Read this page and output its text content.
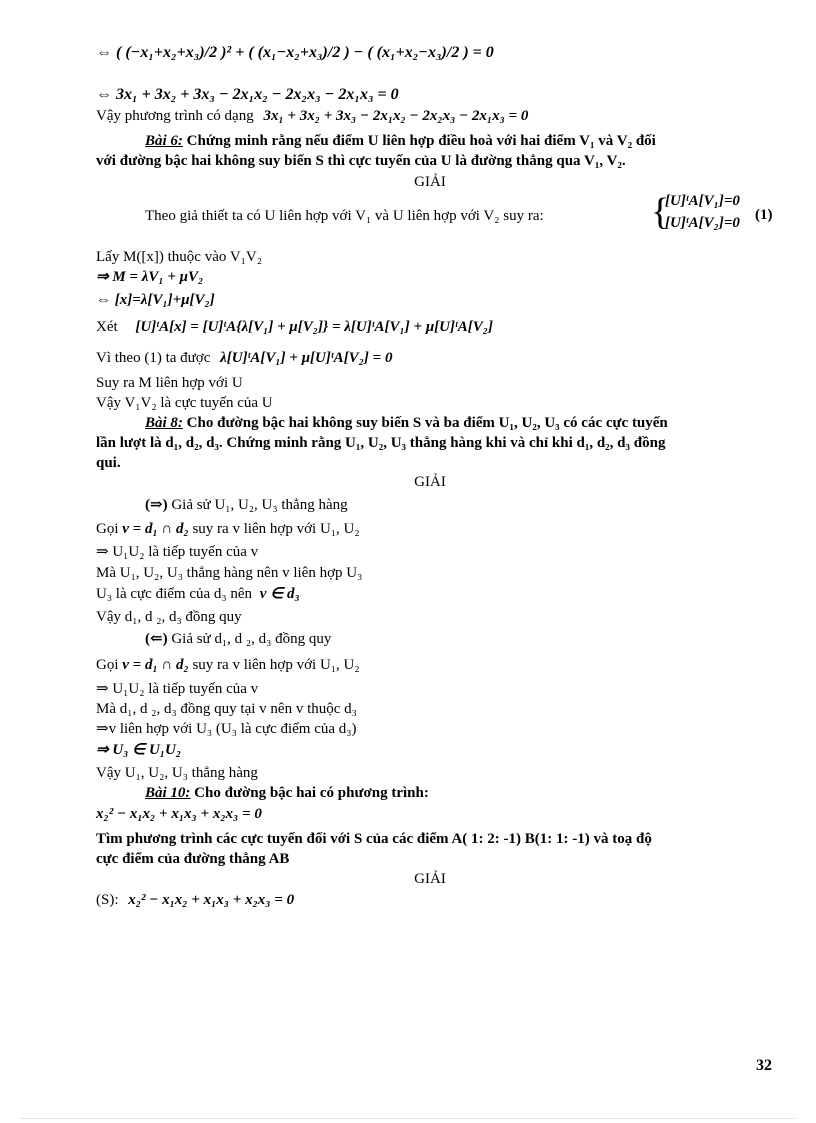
⇔ ( (−x₁+x₂+x₃)/2 )² + ( (x₁−x₂+x₃)/2 ) − ( (x₁+x₂−x₃)/2 ) = 0
⇔ 3x₁ + 3x₂ + 3x₃ − 2x₁x₂ − 2x₂x₃ − 2x₁x₃ = 0
Vậy phương trình có dạng 3x₁ + 3x₂ + 3x₃ − 2x₁x₂ − 2x₂x₃ − 2x₁x₃ = 0
Bài 6: Chứng minh rằng nếu điểm U liên hợp điều hoà với hai điểm V₁ và V₂ đối
với đường bậc hai không suy biến S thì cực tuyến của U là đường thẳng qua V₁, V₂.
GIẢI
Theo giả thiết ta có U liên hợp với V₁ và U liên hợp với V₂ suy ra:	{
[U]ᵗA[V₁]=0
[U]ᵗA[V₂]=0 (1)
Lấy M([x]) thuộc vào V₁V₂
⇒ M = λV₁ + μV₂
⇔ [x]=λ[V₁]+μ[V₂]
Xét [U]ᵗA[x] = [U]ᵗA{λ[V₁] + μ[V₂]} = λ[U]ᵗA[V₁] + μ[U]ᵗA[V₂]
Vì theo (1) ta được λ[U]ᵗA[V₁] + μ[U]ᵗA[V₂] = 0
Suy ra M liên hợp với U
Vậy V₁V₂ là cực tuyến của U
Bài 8: Cho đường bậc hai không suy biến S và ba điểm U₁, U₂, U₃ có các cực tuyến
lần lượt là d₁, d₂, d₃. Chứng minh rằng U₁, U₂, U₃ thẳng hàng khi và chỉ khi d₁, d₂, d₃ đồng
qui.
GIẢI
(⇒) Giả sử U₁, U₂, U₃ thẳng hàng
Gọi v = d₁ ∩ d₂ suy ra v liên hợp với U₁, U₂
⇒ U₁U₂ là tiếp tuyến của v
Mà U₁, U₂, U₃ thẳng hàng nên v liên hợp U₃
U₃ là cực điểm của d₃ nên v ∈ d₃
Vậy d₁, d ₂, d₃ đồng quy
(⇐) Giả sử d₁, d ₂, d₃ đồng quy
Gọi v = d₁ ∩ d₂ suy ra v liên hợp với U₁, U₂
⇒ U₁U₂ là tiếp tuyến của v
Mà d₁, d ₂, d₃ đồng quy tại v nên v thuộc d₃
⇒v liên hợp với U₃ (U₃ là cực điểm của d₃)
⇒ U₃ ∈ U₁U₂
Vậy U₁, U₂, U₃ thẳng hàng
Bài 10: Cho đường bậc hai có phương trình:
x₂² − x₁x₂ + x₁x₃ + x₂x₃ = 0
Tìm phương trình các cực tuyến đối với S của các điểm A( 1: 2: -1) B(1: 1: -1) và toạ độ
cực điểm của đường thẳng AB
GIẢI
(S): x₂² − x₁x₂ + x₁x₃ + x₂x₃ = 0
32
